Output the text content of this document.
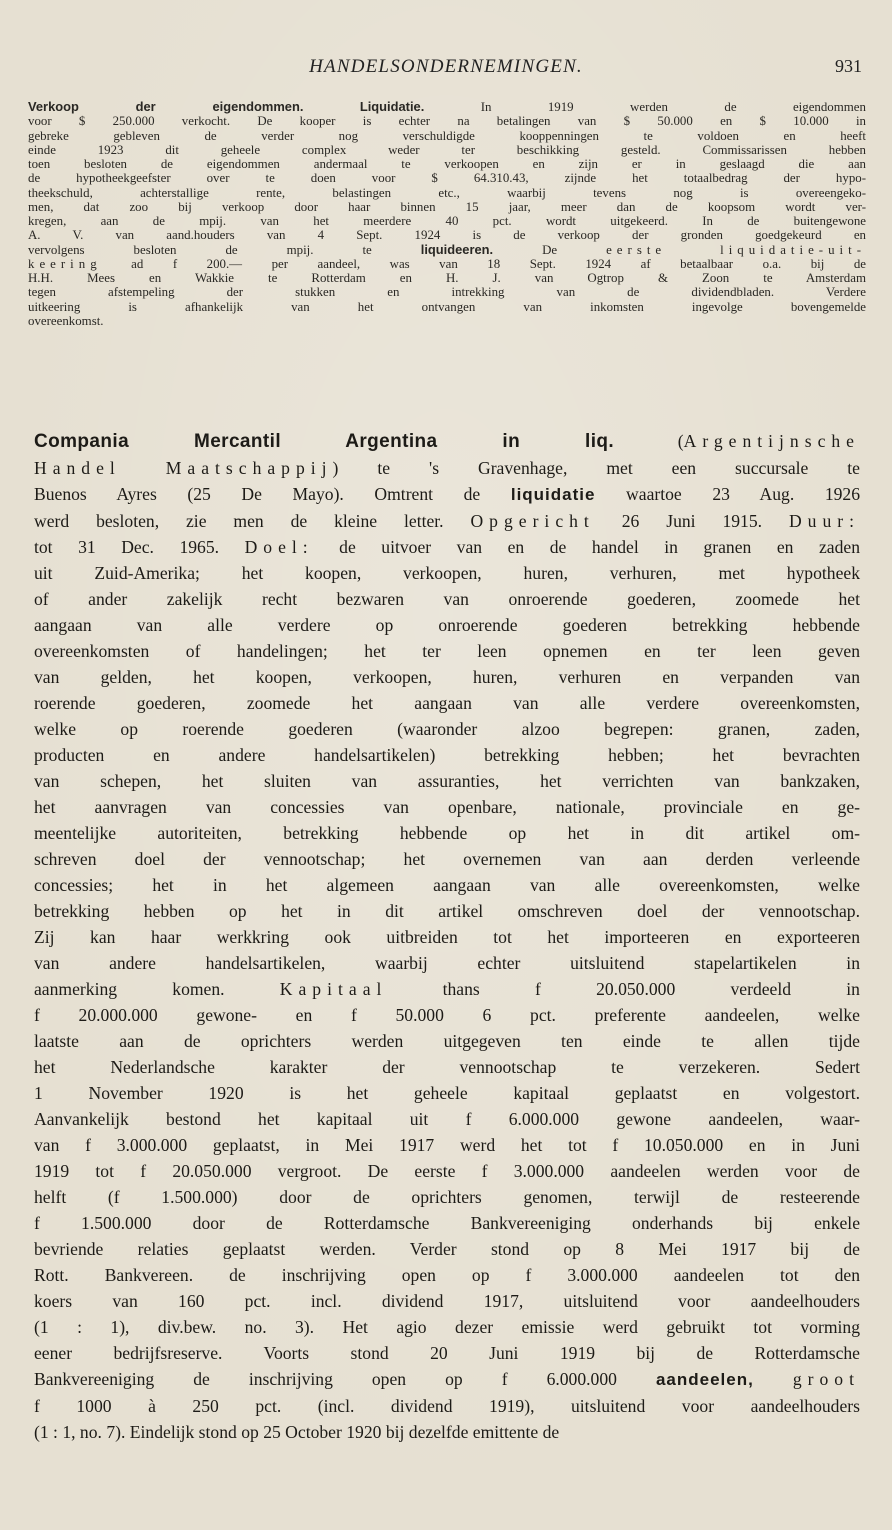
HANDELSONDERNEMINGEN.	931
Verkoop der eigendommen.	Liquidatie. In 1919 werden de eigendommen
voor $ 250.000 verkocht. De kooper is echter na betalingen van $ 50.000 en $ 10.000 in
gebreke gebleven de verder nog verschuldigde kooppenningen te voldoen en heeft
einde 1923 dit geheele complex weder ter beschikking gesteld. Commissarissen hebben
toen besloten de eigendommen andermaal te verkoopen en zijn er in geslaagd die aan
de hypotheekgeefster over te doen voor $ 64.310.43, zijnde het totaalbedrag der hypo-
theekschuld, achterstallige rente, belastingen etc., waarbij tevens nog is overeengeko-
men, dat zoo bij verkoop door haar binnen 15 jaar, meer dan de koopsom wordt ver-
kregen, aan de mpij. van het meerdere 40 pct. wordt uitgekeerd. In de buitengewone
A. V. van aand.houders van 4 Sept. 1924 is de verkoop der gronden goedgekeurd en
vervolgens besloten de mpij. te liquideeren. De eerste liquidatie-uit-
keering ad f 200.— per aandeel, was van 18 Sept. 1924 af betaalbaar o.a. bij de
H.H. Mees en Wakkie te Rotterdam en H. J. van Ogtrop & Zoon te Amsterdam
tegen afstempeling der stukken en intrekking van de dividendbladen. Verdere
uitkeering is afhankelijk van het ontvangen van inkomsten ingevolge bovengemelde
overeenkomst.
Compania Mercantil Argentina in liq. (Argentijnsche
Handel Maatschappij) te 's Gravenhage, met een succursale te
Buenos Ayres (25 De Mayo). Omtrent de liquidatie waartoe 23 Aug. 1926
werd besloten, zie men de kleine letter. Opgericht 26 Juni 1915. Duur:
tot 31 Dec. 1965. Doel: de uitvoer van en de handel in granen en zaden
uit Zuid-Amerika; het koopen, verkoopen, huren, verhuren, met hypotheek
of ander zakelijk recht bezwaren van onroerende goederen, zoomede het
aangaan van alle verdere op onroerende goederen betrekking hebbende
overeenkomsten of handelingen; het ter leen opnemen en ter leen geven
van gelden, het koopen, verkoopen, huren, verhuren en verpanden van
roerende goederen, zoomede het aangaan van alle verdere overeenkomsten,
welke op roerende goederen (waaronder alzoo begrepen: granen, zaden,
producten en andere handelsartikelen) betrekking hebben; het bevrachten
van schepen, het sluiten van assuranties, het verrichten van bankzaken,
het aanvragen van concessies van openbare, nationale, provinciale en ge-
meentelijke autoriteiten, betrekking hebbende op het in dit artikel om-
schreven doel der vennootschap; het overnemen van aan derden verleende
concessies; het in het algemeen aangaan van alle overeenkomsten, welke
betrekking hebben op het in dit artikel omschreven doel der vennootschap.
Zij kan haar werkkring ook uitbreiden tot het importeeren en exporteeren
van andere handelsartikelen, waarbij echter uitsluitend stapelartikelen in
aanmerking komen. Kapitaal thans f 20.050.000 verdeeld in
f 20.000.000 gewone- en f 50.000 6 pct. preferente aandeelen, welke
laatste aan de oprichters werden uitgegeven ten einde te allen tijde
het Nederlandsche karakter der vennootschap te verzekeren. Sedert
1 November 1920 is het geheele kapitaal geplaatst en volgestort.
Aanvankelijk bestond het kapitaal uit f 6.000.000 gewone aandeelen, waar-
van f 3.000.000 geplaatst, in Mei 1917 werd het tot f 10.050.000 en in Juni
1919 tot f 20.050.000 vergroot. De eerste f 3.000.000 aandeelen werden voor de
helft (f 1.500.000) door de oprichters genomen, terwijl de resteerende
f 1.500.000 door de Rotterdamsche Bankvereeniging onderhands bij enkele
bevriende relaties geplaatst werden. Verder stond op 8 Mei 1917 bij de
Rott. Bankvereen. de inschrijving open op f 3.000.000 aandeelen tot den
koers van 160 pct. incl. dividend 1917, uitsluitend voor aandeelhouders
(1 : 1), div.bew. no. 3). Het agio dezer emissie werd gebruikt tot vorming
eener bedrijfsreserve. Voorts stond 20 Juni 1919 bij de Rotterdamsche
Bankvereeniging de inschrijving open op f 6.000.000 aandeelen, groot
f 1000 à 250 pct. (incl. dividend 1919), uitsluitend voor aandeelhouders
(1 : 1, no. 7). Eindelijk stond op 25 October 1920 bij dezelfde emittente de
